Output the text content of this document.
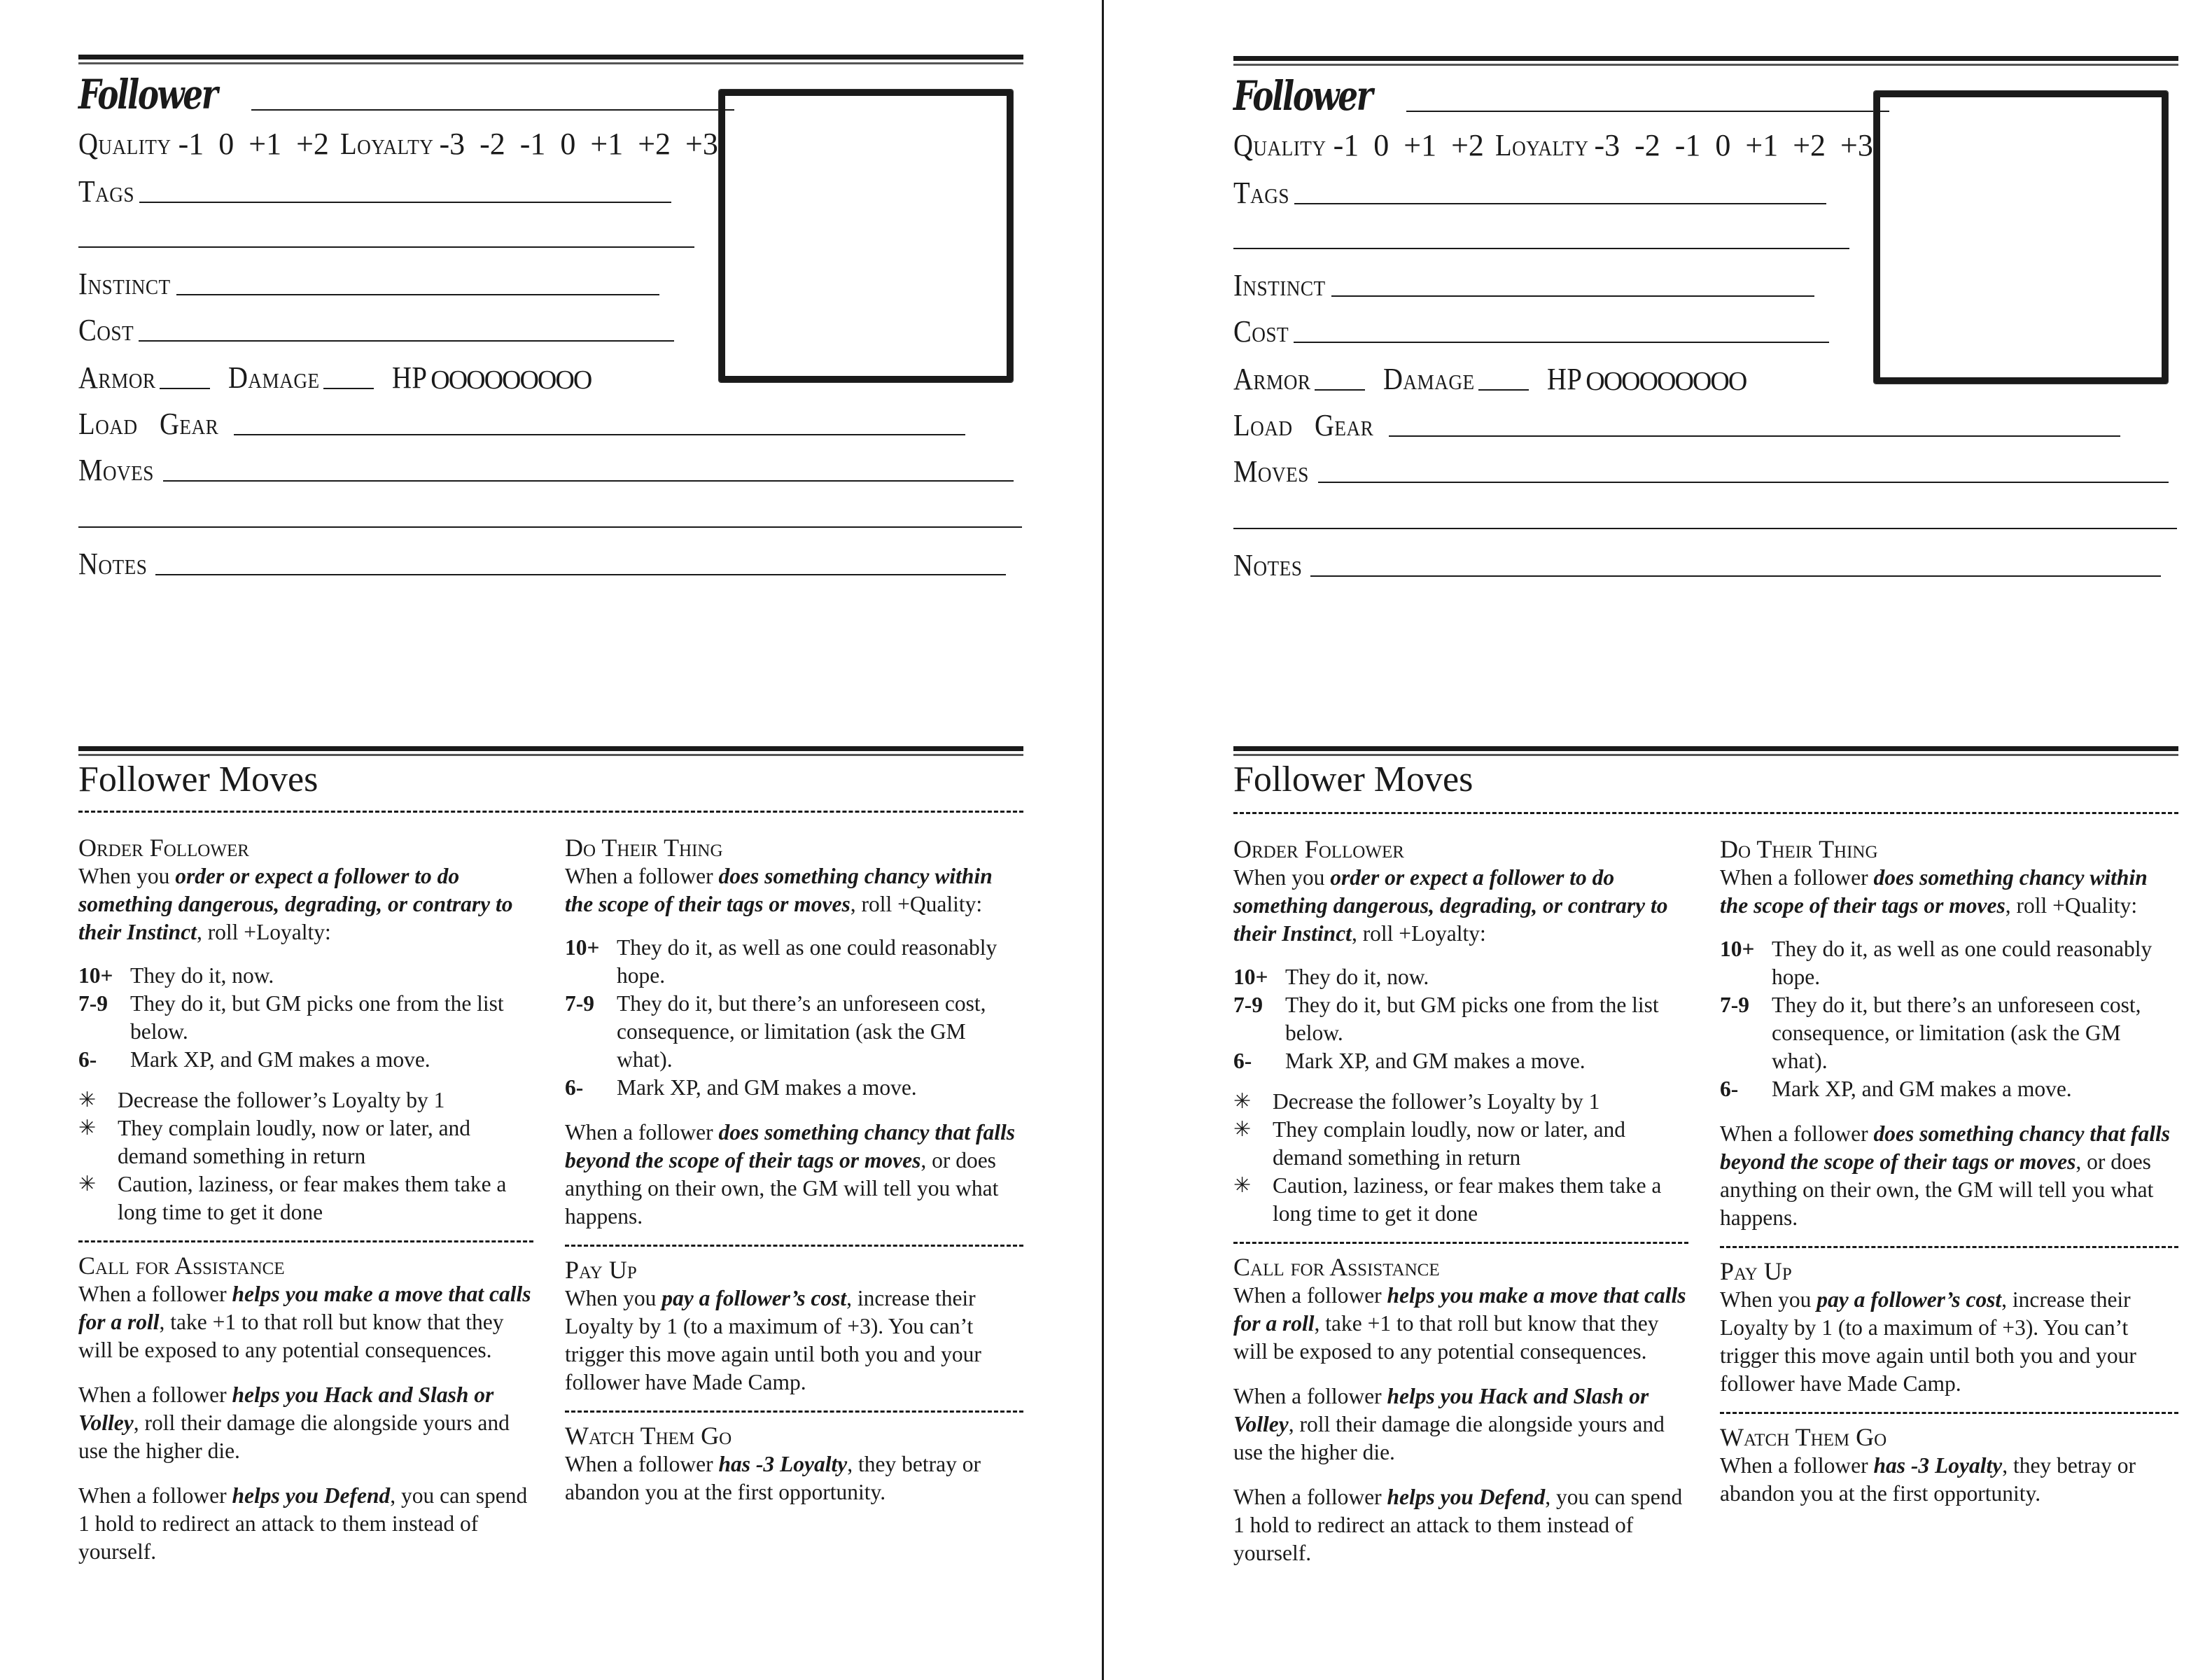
Follower
Quality -1 0 +1 +2 Loyalty -3 -2 -1 0 +1 +2 +3
Tags
Instinct
Cost
Armor Damage HP OOOOOOOOO
Load Gear
Moves
Notes
Follower Moves
Order Follower

When you order or expect a follower to do something dangerous, degrading, or contrary to their Instinct, roll +Loyalty:

10+ They do it, now.
7-9	They do it, but GM picks one from the list below.
6-	Mark XP, and GM makes a move.
✳ Decrease the follower’s Loyalty by 1
✳ They complain loudly, now or later, and demand something in return
✳ Caution, laziness, or fear makes them take a long time to get it done
Call for Assistance

When a follower helps you make a move that calls for a roll, take +1 to that roll but know that they will be exposed to any potential consequences.

When a follower helps you Hack and Slash or Volley, roll their damage die alongside yours and use the higher die.

When a follower helps you Defend, you can spend 1 hold to redirect an attack to them instead of yourself.

Do Their Thing

When a follower does something chancy within the scope of their tags or moves, roll +Quality:

10+ They do it, as well as one could reasonably hope.
7-9	They do it, but there’s an unforeseen cost, consequence, or limitation (ask the GM what).
6-	Mark XP, and GM makes a move.

When a follower does something chancy that falls beyond the scope of their tags or moves, or does anything on their own, the GM will tell you what happens.

Pay Up

When you pay a follower’s cost, increase their Loyalty by 1 (to a maximum of +3). You can’t trigger this move again until both you and your follower have Made Camp.

Watch Them Go

When a follower has -3 Loyalty, they betray or abandon you at the first opportunity.

Follower
Quality -1 0 +1 +2 Loyalty -3 -2 -1 0 +1 +2 +3
Tags
Instinct
Cost
Armor Damage HP OOOOOOOOO
Load Gear
Moves
Notes
Follower Moves
Order Follower

When you order or expect a follower to do something dangerous, degrading, or contrary to their Instinct, roll +Loyalty:

10+ They do it, now.
7-9	They do it, but GM picks one from the list below.
6-	Mark XP, and GM makes a move.
✳ Decrease the follower’s Loyalty by 1
✳ They complain loudly, now or later, and demand something in return
✳ Caution, laziness, or fear makes them take a long time to get it done
Call for Assistance

When a follower helps you make a move that calls for a roll, take +1 to that roll but know that they will be exposed to any potential consequences.

When a follower helps you Hack and Slash or Volley, roll their damage die alongside yours and use the higher die.

When a follower helps you Defend, you can spend 1 hold to redirect an attack to them instead of yourself.

Do Their Thing

When a follower does something chancy within the scope of their tags or moves, roll +Quality:

10+ They do it, as well as one could reasonably hope.
7-9	They do it, but there’s an unforeseen cost, consequence, or limitation (ask the GM what).
6-	Mark XP, and GM makes a move.

When a follower does something chancy that falls beyond the scope of their tags or moves, or does anything on their own, the GM will tell you what happens.

Pay Up

When you pay a follower’s cost, increase their Loyalty by 1 (to a maximum of +3). You can’t trigger this move again until both you and your follower have Made Camp.

Watch Them Go

When a follower has -3 Loyalty, they betray or abandon you at the first opportunity.
